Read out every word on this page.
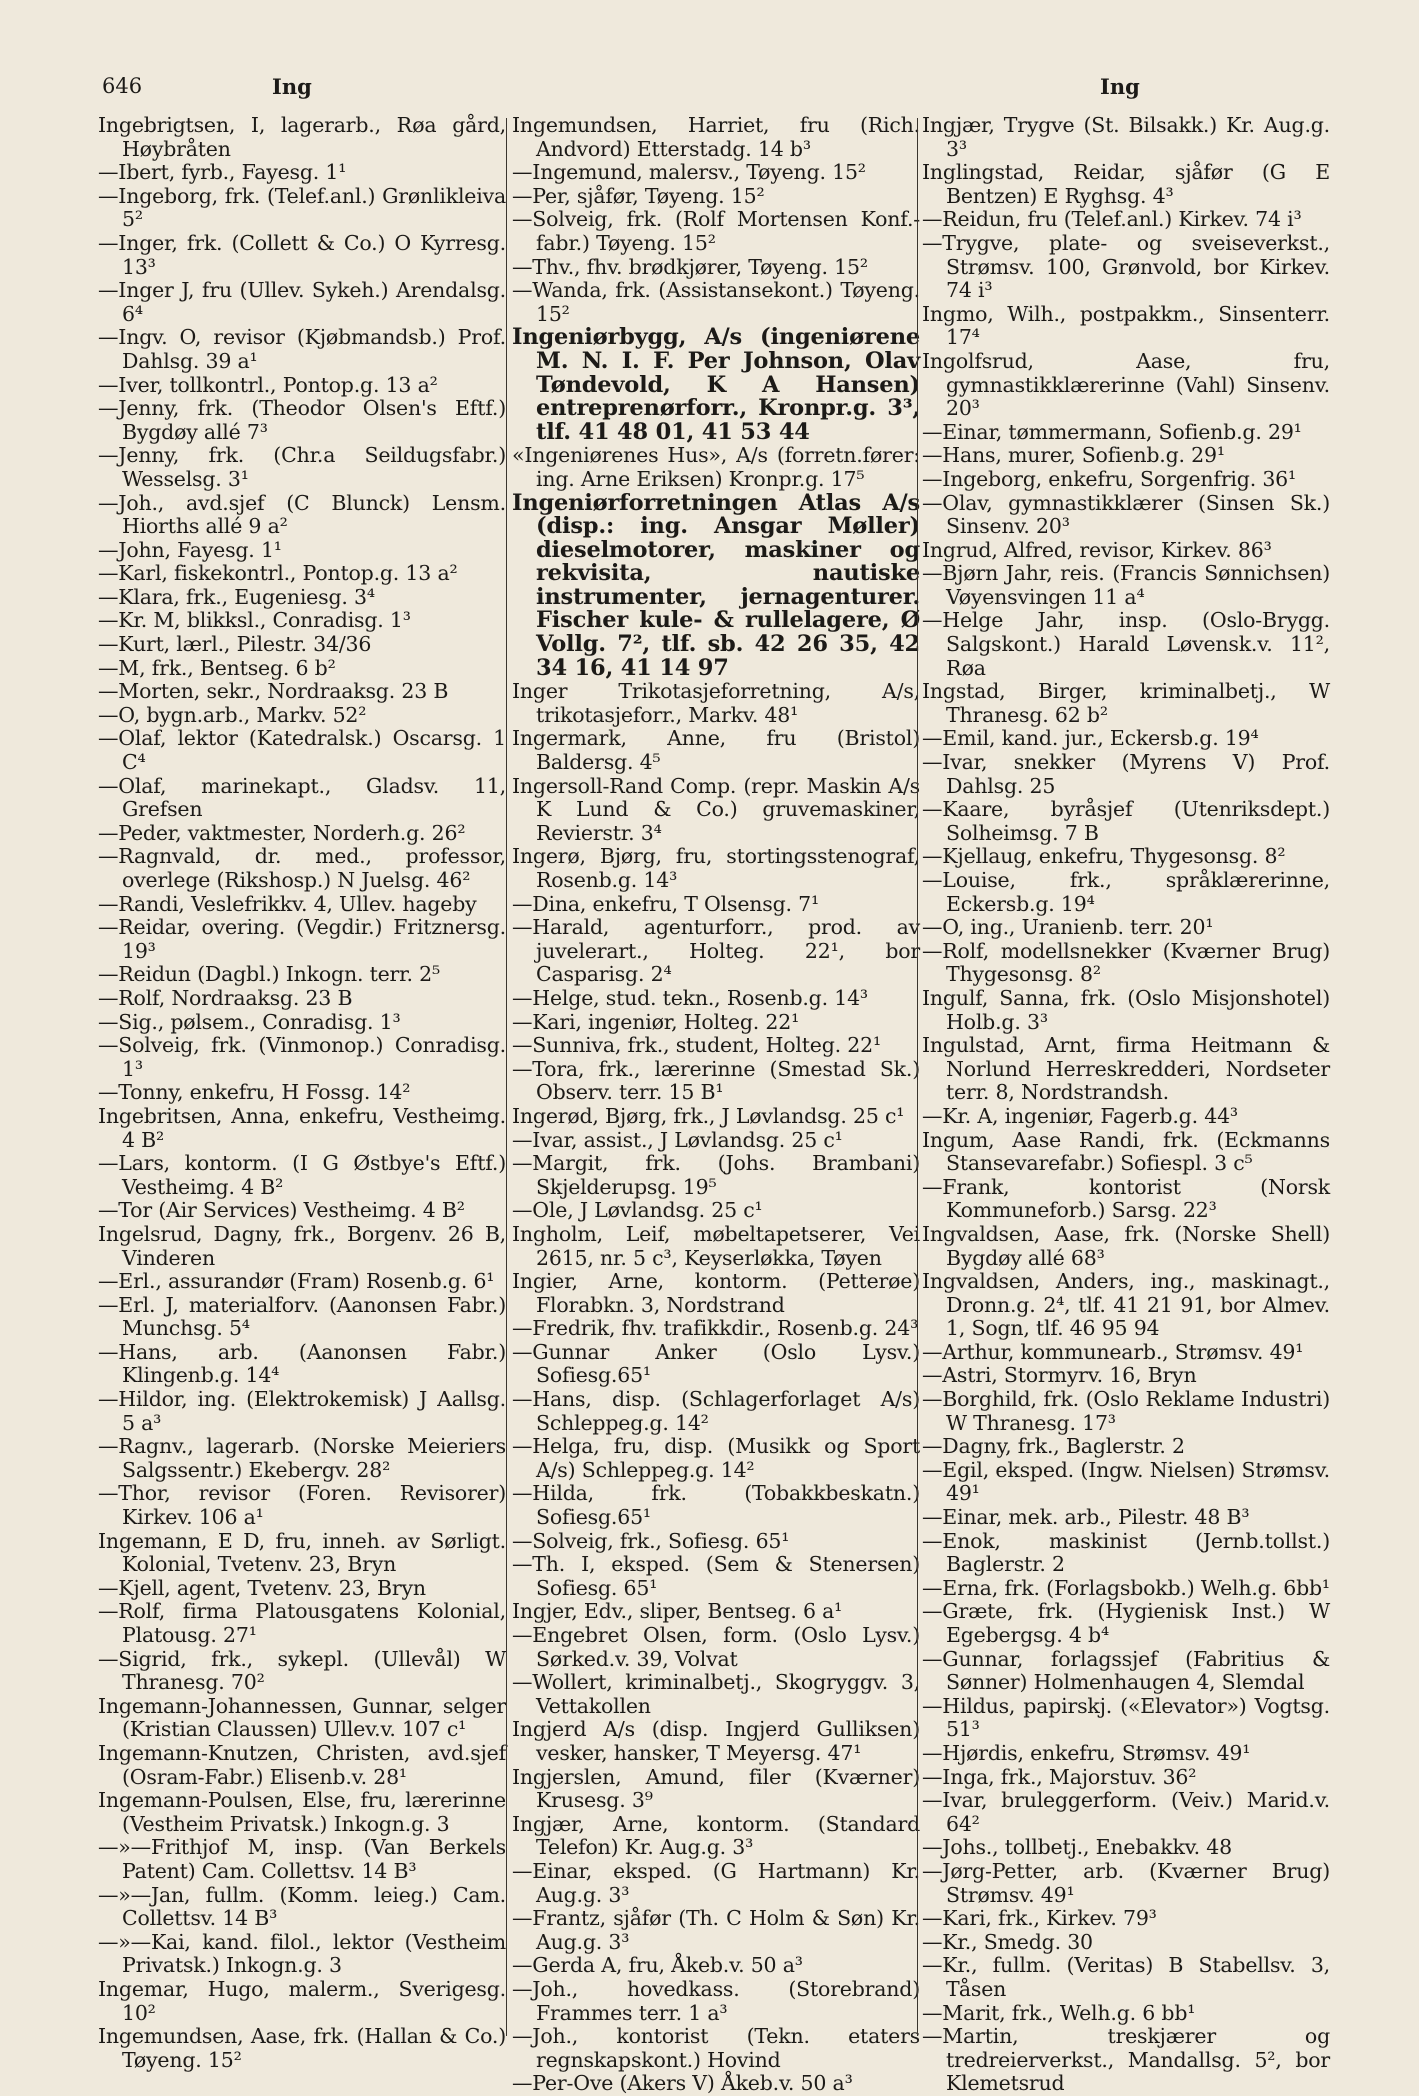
646	Ing	Ing
Ingebrigtsen, I, lagerarb., Røa gård, Høybråten
—Ibert, fyrb., Fayesg. 1¹
—Ingeborg, frk. (Telef.anl.) Grønlikleiva 5²
—Inger, frk. (Collett & Co.) O Kyrresg. 13³
—Inger J, fru (Ullev. Sykeh.) Arendalsg. 6⁴
—Ingv. O, revisor (Kjøbmandsb.) Prof. Dahlsg. 39 a¹
—Iver, tollkontrl., Pontop.g. 13 a²
—Jenny, frk. (Theodor Olsen's Eftf.) Bygdøy allé 7³
—Jenny, frk. (Chr.a Seildugsfabr.) Wesselsg. 3¹
—Joh., avd.sjef (C Blunck) Lensm. Hiorths allé 9 a²
—John, Fayesg. 1¹
—Karl, fiskekontrl., Pontop.g. 13 a²
—Klara, frk., Eugeniesg. 3⁴
—Kr. M, blikksl., Conradisg. 1³
—Kurt, lærl., Pilestr. 34/36
—M, frk., Bentseg. 6 b²
—Morten, sekr., Nordraaksg. 23 B
—O, bygn.arb., Markv. 52²
—Olaf, lektor (Katedralsk.) Oscarsg. 1 C⁴
—Olaf, marinekapt., Gladsv. 11, Grefsen
—Peder, vaktmester, Norderh.g. 26²
—Ragnvald, dr. med., professor, overlege (Rikshosp.) N Juelsg. 46²
—Randi, Veslefrikkv. 4, Ullev. hageby
—Reidar, overing. (Vegdir.) Fritznersg. 19³
—Reidun (Dagbl.) Inkogn. terr. 2⁵
—Rolf, Nordraaksg. 23 B
—Sig., pølsem., Conradisg. 1³
—Solveig, frk. (Vinmonop.) Conradisg. 1³
—Tonny, enkefru, H Fossg. 14²
Ingebritsen, Anna, enkefru, Vestheimg. 4 B²
—Lars, kontorm. (I G Østbye's Eftf.) Vestheimg. 4 B²
—Tor (Air Services) Vestheimg. 4 B²
Ingelsrud, Dagny, frk., Borgenv. 26 B, Vinderen
—Erl., assurandør (Fram) Rosenb.g. 6¹
—Erl. J, materialforv. (Aanonsen Fabr.) Munchsg. 5⁴
—Hans, arb. (Aanonsen Fabr.) Klingenb.g. 14⁴
—Hildor, ing. (Elektrokemisk) J Aallsg. 5 a³
—Ragnv., lagerarb. (Norske Meieriers Salgssentr.) Ekebergv. 28²
—Thor, revisor (Foren. Revisorer) Kirkev. 106 a¹
Ingemann, E D, fru, inneh. av Sørligt. Kolonial, Tvetenv. 23, Bryn
—Kjell, agent, Tvetenv. 23, Bryn
—Rolf, firma Platousgatens Kolonial, Platousg. 27¹
—Sigrid, frk., sykepl. (Ullevål) W Thranesg. 70²
Ingemann-Johannessen, Gunnar, selger (Kristian Claussen) Ullev.v. 107 c¹
Ingemann-Knutzen, Christen, avd.sjef (Osram-Fabr.) Elisenb.v. 28¹
Ingemann-Poulsen, Else, fru, lærerinne (Vestheim Privatsk.) Inkogn.g. 3
—»—Frithjof M, insp. (Van Berkels Patent) Cam. Collettsv. 14 B³
—»—Jan, fullm. (Komm. leieg.) Cam. Collettsv. 14 B³
—»—Kai, kand. filol., lektor (Vestheim Privatsk.) Inkogn.g. 3
Ingemar, Hugo, malerm., Sverigesg. 10²
Ingemundsen, Aase, frk. (Hallan & Co.) Tøyeng. 15²
Ingemundsen, Harriet, fru (Rich. Andvord) Etterstadg. 14 b³
—Ingemund, malersv., Tøyeng. 15²
—Per, sjåfør, Tøyeng. 15²
—Solveig, frk. (Rolf Mortensen Konf.-fabr.) Tøyeng. 15²
—Thv., fhv. brødkjører, Tøyeng. 15²
—Wanda, frk. (Assistansekont.) Tøyeng. 15²
Ingeniørbygg, A/s (ingeniørene M. N. I. F. Per Johnson, Olav Tøndevold, K A Hansen) entreprenørforr., Kronpr.g. 3³, tlf. 41 48 01, 41 53 44
«Ingeniørenes Hus», A/s (forretn.fører: ing. Arne Eriksen) Kronpr.g. 17⁵
Ingeniørforretningen Atlas A/s (disp.: ing. Ansgar Møller) dieselmotorer, maskiner og rekvisita, nautiske instrumenter, jernagenturer. Fischer kule- & rullelagere, Ø Vollg. 7², tlf. sb. 42 26 35, 42 34 16, 41 14 97
Inger Trikotasjeforretning, A/s, trikotasjeforr., Markv. 48¹
Ingermark, Anne, fru (Bristol) Baldersg. 4⁵
Ingersoll-Rand Comp. (repr. Maskin A/s K Lund & Co.) gruvemaskiner, Revierstr. 3⁴
Ingerø, Bjørg, fru, stortingsstenograf, Rosenb.g. 14³
—Dina, enkefru, T Olsensg. 7¹
—Harald, agenturforr., prod. av juvelerart., Holteg. 22¹, bor Casparisg. 2⁴
—Helge, stud. tekn., Rosenb.g. 14³
—Kari, ingeniør, Holteg. 22¹
—Sunniva, frk., student, Holteg. 22¹
—Tora, frk., lærerinne (Smestad Sk.) Observ. terr. 15 B¹
Ingerød, Bjørg, frk., J Løvlandsg. 25 c¹
—Ivar, assist., J Løvlandsg. 25 c¹
—Margit, frk. (Johs. Brambani) Skjelderupsg. 19⁵
—Ole, J Løvlandsg. 25 c¹
Ingholm, Leif, møbeltapetserer, Vei 2615, nr. 5 c³, Keyserløkka, Tøyen
Ingier, Arne, kontorm. (Petterøe) Florabkn. 3, Nordstrand
—Fredrik, fhv. trafikkdir., Rosenb.g. 24³
—Gunnar Anker (Oslo Lysv.) Sofiesg.65¹
—Hans, disp. (Schlagerforlaget A/s) Schleppeg.g. 14²
—Helga, fru, disp. (Musikk og Sport A/s) Schleppeg.g. 14²
—Hilda, frk. (Tobakkbeskatn.) Sofiesg.65¹
—Solveig, frk., Sofiesg. 65¹
—Th. I, eksped. (Sem & Stenersen) Sofiesg. 65¹
Ingjer, Edv., sliper, Bentseg. 6 a¹
—Engebret Olsen, form. (Oslo Lysv.) Sørked.v. 39, Volvat
—Wollert, kriminalbetj., Skogryggv. 3, Vettakollen
Ingjerd A/s (disp. Ingjerd Gulliksen) vesker, hansker, T Meyersg. 47¹
Ingjerslen, Amund, filer (Kværner) Krusesg. 3⁹
Ingjær, Arne, kontorm. (Standard Telefon) Kr. Aug.g. 3³
—Einar, eksped. (G Hartmann) Kr. Aug.g. 3³
—Frantz, sjåfør (Th. C Holm & Søn) Kr. Aug.g. 3³
—Gerda A, fru, Åkeb.v. 50 a³
—Joh., hovedkass. (Storebrand) Frammes terr. 1 a³
—Joh., kontorist (Tekn. etaters regnskapskont.) Hovind
—Per-Ove (Akers V) Åkeb.v. 50 a³
Ingjær, Trygve (St. Bilsakk.) Kr. Aug.g. 3³
Inglingstad, Reidar, sjåfør (G E Bentzen) E Ryghsg. 4³
—Reidun, fru (Telef.anl.) Kirkev. 74 i³
—Trygve, plate- og sveiseverkst., Strømsv. 100, Grønvold, bor Kirkev. 74 i³
Ingmo, Wilh., postpakkm., Sinsenterr. 17⁴
Ingolfsrud, Aase, fru, gymnastikklærerinne (Vahl) Sinsenv. 20³
—Einar, tømmermann, Sofienb.g. 29¹
—Hans, murer, Sofienb.g. 29¹
—Ingeborg, enkefru, Sorgenfrig. 36¹
—Olav, gymnastikklærer (Sinsen Sk.) Sinsenv. 20³
Ingrud, Alfred, revisor, Kirkev. 86³
—Bjørn Jahr, reis. (Francis Sønnichsen) Vøyensvingen 11 a⁴
—Helge Jahr, insp. (Oslo-Brygg. Salgskont.) Harald Løvensk.v. 11², Røa
Ingstad, Birger, kriminalbetj., W Thranesg. 62 b²
—Emil, kand. jur., Eckersb.g. 19⁴
—Ivar, snekker (Myrens V) Prof. Dahlsg. 25
—Kaare, byråsjef (Utenriksdept.) Solheimsg. 7 B
—Kjellaug, enkefru, Thygesonsg. 8²
—Louise, frk., språklærerinne, Eckersb.g. 19⁴
—O, ing., Uranienb. terr. 20¹
—Rolf, modellsnekker (Kværner Brug) Thygesonsg. 8²
Ingulf, Sanna, frk. (Oslo Misjonshotel) Holb.g. 3³
Ingulstad, Arnt, firma Heitmann & Norlund Herreskredderi, Nordseter terr. 8, Nordstrandsh.
—Kr. A, ingeniør, Fagerb.g. 44³
Ingum, Aase Randi, frk. (Eckmanns Stansevarefabr.) Sofiespl. 3 c⁵
—Frank, kontorist (Norsk Kommuneforb.) Sarsg. 22³
Ingvaldsen, Aase, frk. (Norske Shell) Bygdøy allé 68³
Ingvaldsen, Anders, ing., maskinagt., Dronn.g. 2⁴, tlf. 41 21 91, bor Almev. 1, Sogn, tlf. 46 95 94
—Arthur, kommunearb., Strømsv. 49¹
—Astri, Stormyrv. 16, Bryn
—Borghild, frk. (Oslo Reklame Industri) W Thranesg. 17³
—Dagny, frk., Baglerstr. 2
—Egil, eksped. (Ingw. Nielsen) Strømsv. 49¹
—Einar, mek. arb., Pilestr. 48 B³
—Enok, maskinist (Jernb.tollst.) Baglerstr. 2
—Erna, frk. (Forlagsbokb.) Welh.g. 6bb¹
—Græte, frk. (Hygienisk Inst.) W Egebergsg. 4 b⁴
—Gunnar, forlagssjef (Fabritius & Sønner) Holmenhaugen 4, Slemdal
—Hildus, papirskj. («Elevator») Vogtsg. 51³
—Hjørdis, enkefru, Strømsv. 49¹
—Inga, frk., Majorstuv. 36²
—Ivar, brulеggerform. (Veiv.) Marid.v. 64²
—Johs., tollbetj., Enebakkv. 48
—Jørg-Petter, arb. (Kværner Brug) Strømsv. 49¹
—Kari, frk., Kirkev. 79³
—Kr., Smedg. 30
—Kr., fullm. (Veritas) B Stabellsv. 3, Tåsen
—Marit, frk., Welh.g. 6 bb¹
—Martin, treskjærer og tredreierverkst., Mandallsg. 5², bor Klemetsrud
